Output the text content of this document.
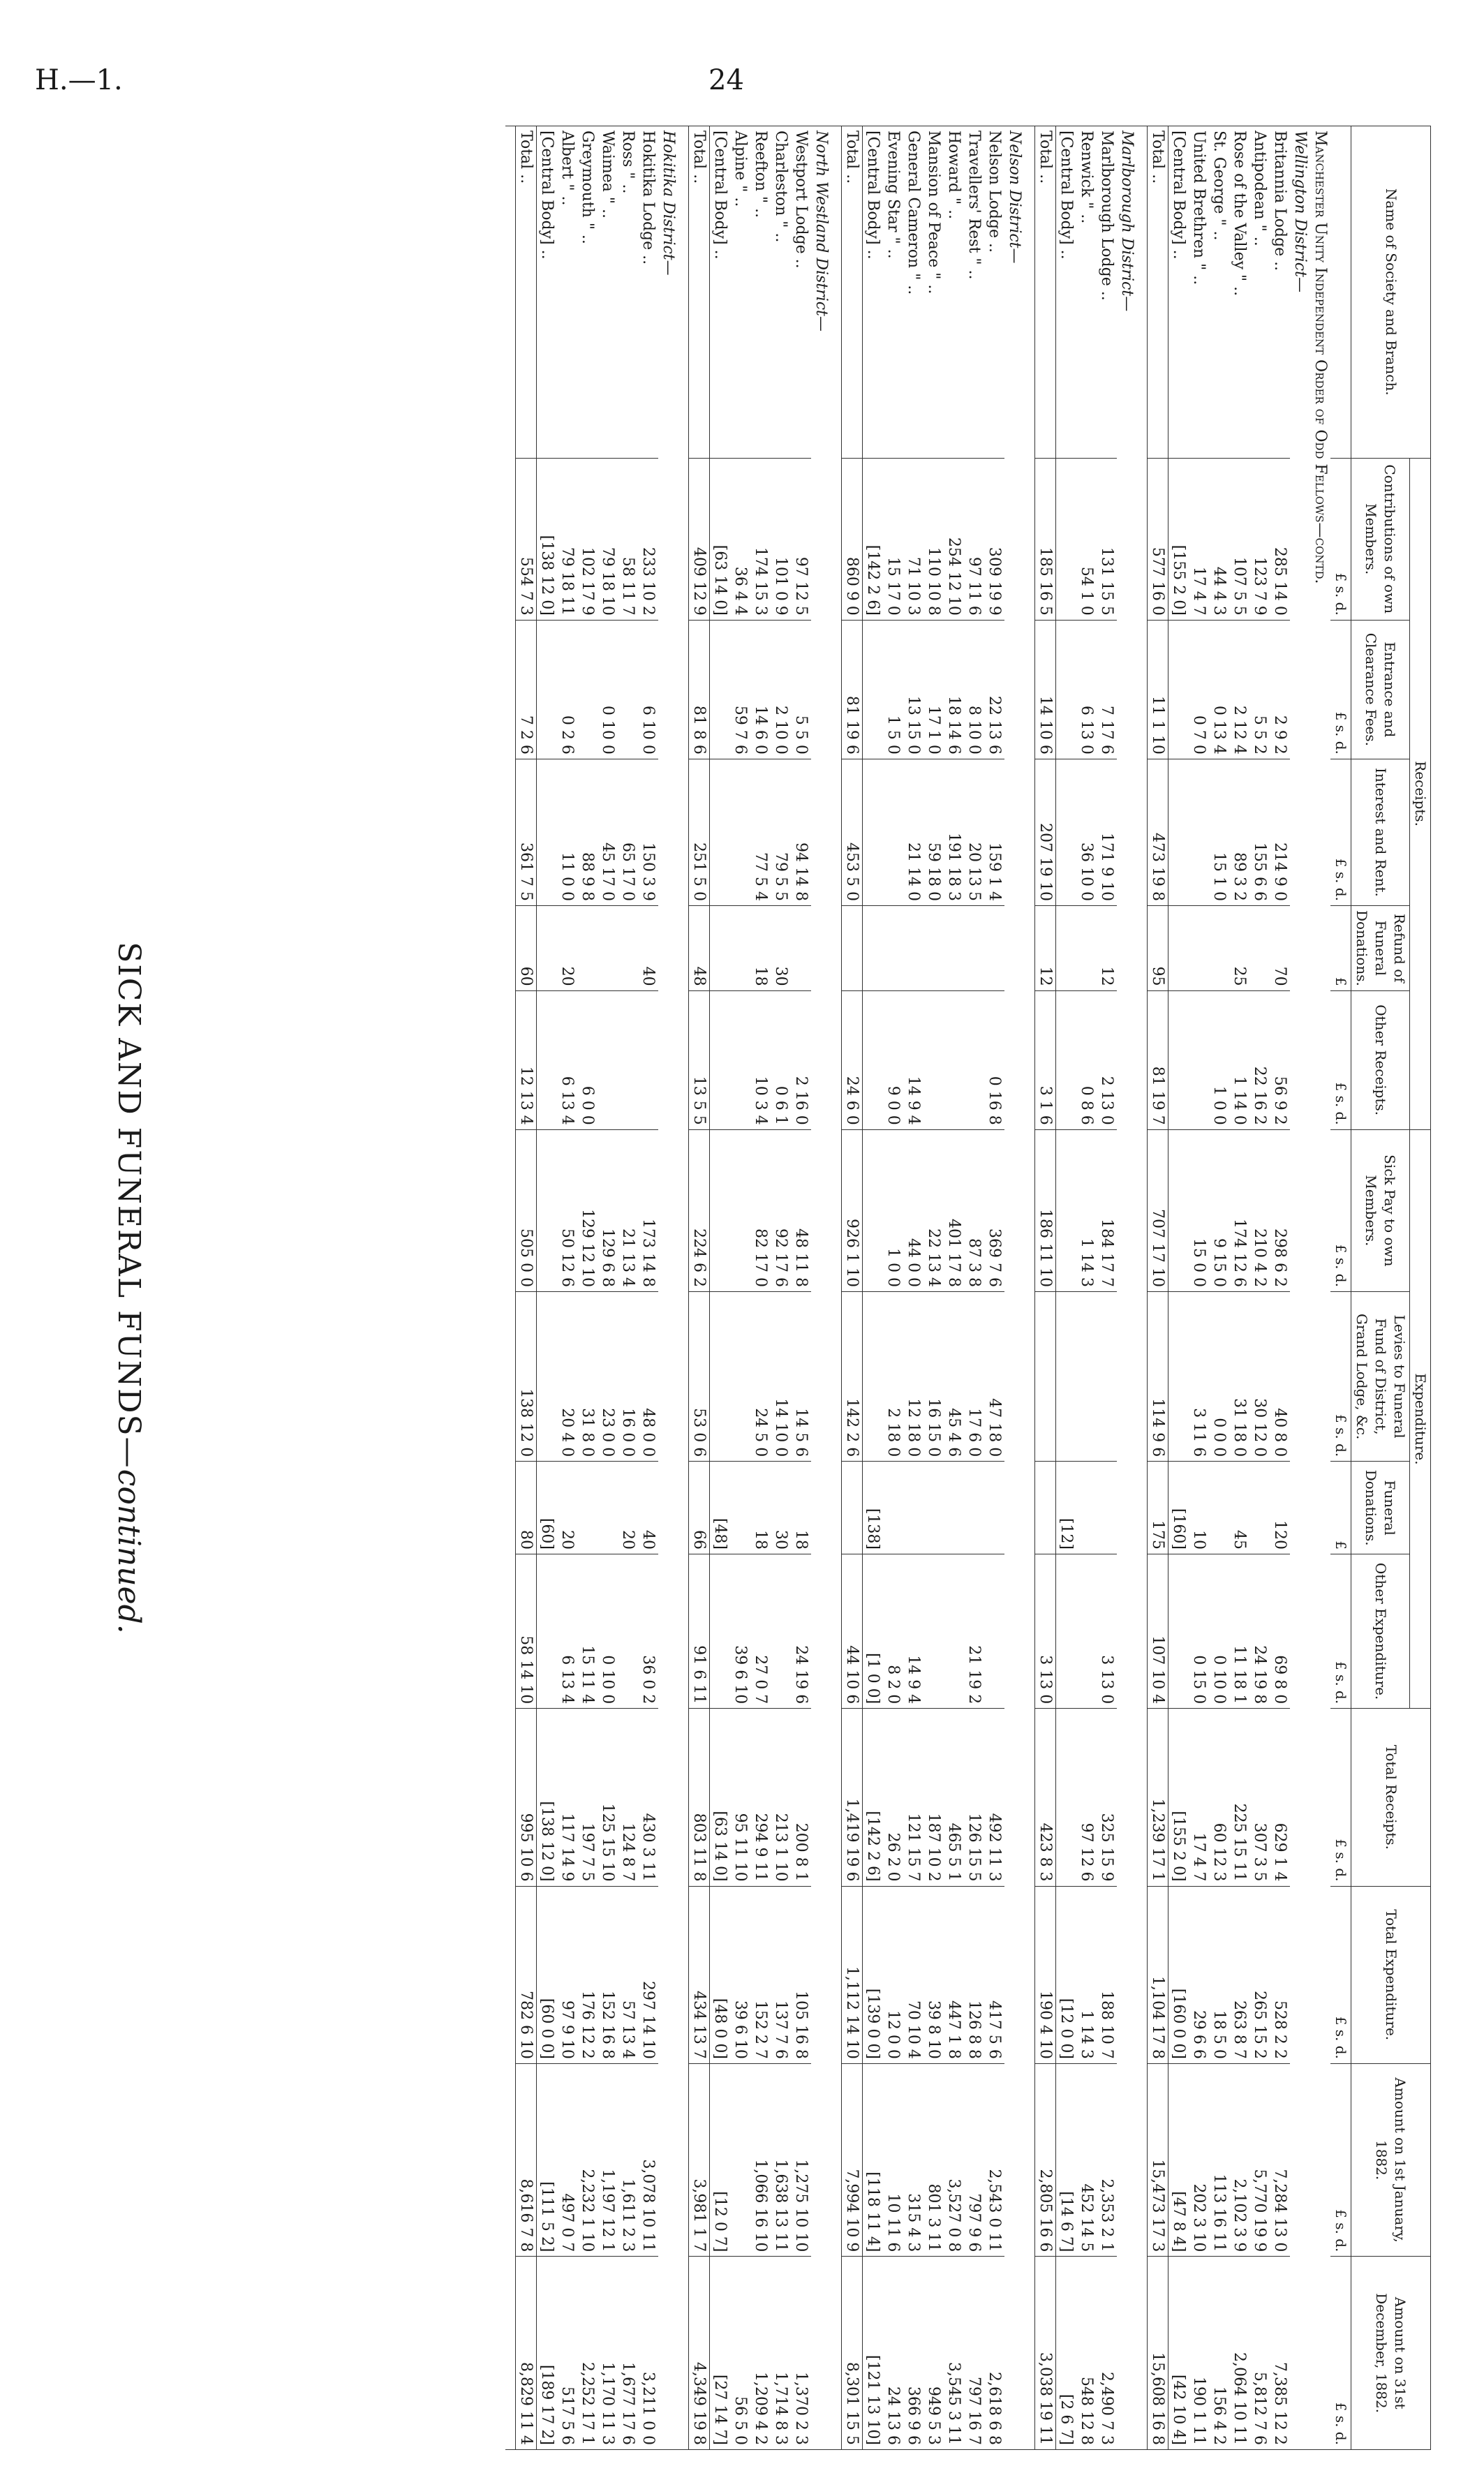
H.—1.	24
Name of Society and Branch.	Receipts.					Expenditure.				Total Receipts.	Total Expenditure.	Amount on 1st January, 1882.	Amount on 31st December, 1882.
	Contributions of own Members.	Entrance and Clearance Fees.	Interest and Rent.	Refund of Funeral Donations.	Other Receipts.	Sick Pay to own Members.	Levies to Funeral Fund of District, Grand Lodge, &c.	Funeral Donations.	Other Expenditure.				
	£ s. d.	£ s. d.	£ s. d.	£	£ s. d.	£ s. d.	£ s. d.	£	£ s. d.	£ s. d.	£ s. d.	£ s. d.	£ s. d.
Manchester Unity Independent Order of Odd Fellows—contd.													
Wellington District—													
Britannia Lodge ..	285 14 0	2 9 2	214 9 0	70	56 9 2	298 6 2	40 8 0	120	69 8 0	629 1 4	528 2 2	7,284 13 0	7,385 12 2
Antipodean " ..	123 7 9	5 5 2	155 6 6		22 16 2	210 4 2	30 12 0		24 19 8	307 3 5	265 15 2	5,770 19 9	5,812 7 6
Rose of the Valley " ..	107 5 5	2 12 4	89 3 2	25	1 14 0	174 12 6	31 18 0	45	11 18 1	225 15 11	263 8 7	2,102 3 9	2,064 10 11
St. George " ..	44 4 3	0 13 4	15 1 0		1 0 0	9 15 0	0 0 0		0 10 0	60 12 3	18 5 0	113 16 11	156 4 2
United Brethren " ..	17 4 7	0 7 0				15 0 0	3 11 6	10	0 15 0	17 4 7	29 6 6	202 3 10	190 1 11
[Central Body] ..	[155 2 0]							[160]		[155 2 0]	[160 0 0]	[47 8 4]	[42 10 4]
Total ..	577 16 0	11 1 10	473 19 8	95	81 19 7	707 17 10	114 9 6	175	107 10 4	1,239 17 1	1,104 17 8	15,473 17 3	15,608 16 8

Marlborough District—													
Marlborough Lodge ..	131 15 5	7 17 6	171 9 10	12	2 13 0	184 17 7			3 13 0	325 15 9	188 10 7	2,353 2 1	2,490 7 3
Renwick " ..	54 1 0	6 13 0	36 10 0		0 8 6	1 14 3				97 12 6	1 14 3	452 14 5	548 12 8
[Central Body] ..								[12]			[12 0 0]	[14 6 7]	[2 6 7]
Total ..	185 16 5	14 10 6	207 19 10	12	3 1 6	186 11 10			3 13 0	423 8 3	190 4 10	2,805 16 6	3,038 19 11

Nelson District—													
Nelson Lodge ..	309 19 9	22 13 6	159 1 4		0 16 8	369 7 6	47 18 0			492 11 3	417 5 6	2,543 0 11	2,618 6 8
Travellers' Rest " ..	97 11 6	8 10 0	20 13 5			87 3 8	17 6 0		21 19 2	126 15 5	126 8 8	797 9 6	797 16 7
Howard " ..	254 12 10	18 14 6	191 18 3			401 17 8	45 4 6			465 5 1	447 1 8	3,527 0 8	3,545 3 11
Mansion of Peace " ..	110 10 8	17 1 0	59 18 0			22 13 4	16 15 0			187 10 2	39 8 10	801 3 11	949 5 3
General Cameron " ..	71 10 3	13 15 0	21 14 0		14 9 4	44 0 0	12 18 0		14 9 4	121 15 7	70 10 4	315 4 3	366 9 6
Evening Star " ..	15 17 0	1 5 0			9 0 0	1 0 0	2 18 0		8 2 0	26 2 0	12 0 0	10 11 6	24 13 6
[Central Body] ..	[142 2 6]							[138]	[1 0 0]	[142 2 6]	[139 0 0]	[118 11 4]	[121 13 10]
Total ..	860 9 0	81 19 6	453 5 0		24 6 0	926 1 10	142 2 6		44 10 6	1,419 19 6	1,112 14 10	7,994 10 9	8,301 15 5

North Westland District—													
Westport Lodge ..	97 12 5	5 5 0	94 14 8		2 16 0	48 11 8	14 5 6	18	24 19 6	200 8 1	105 16 8	1,275 10 10	1,370 2 3
Charleston " ..	101 0 9	2 10 0	79 5 5	30	0 6 1	92 17 6	14 10 0	30		213 1 10	137 7 6	1,638 13 11	1,714 8 3
Reefton " ..	174 15 3	14 6 0	77 5 4	18	10 3 4	82 17 0	24 5 0	18	27 0 7	294 9 11	152 2 7	1,066 16 10	1,209 4 2
Alpine " ..	36 4 4	59 7 6							39 6 10	95 11 10	39 6 10		56 5 0
[Central Body] ..	[63 14 0]							[48]		[63 14 0]	[48 0 0]	[12 0 7]	[27 14 7]
Total ..	409 12 9	81 8 6	251 5 0	48	13 5 5	224 6 2	53 0 6	66	91 6 11	803 11 8	434 13 7	3,981 1 7	4,349 19 8

Hokitika District—													
Hokitika Lodge ..	233 10 2	6 10 0	150 3 9	40		173 14 8	48 0 0	40	36 0 2	430 3 11	297 14 10	3,078 10 11	3,211 0 0
Ross " ..	58 11 7		65 17 0			21 13 4	16 0 0	20		124 8 7	57 13 4	1,611 2 3	1,677 17 6
Waimea " ..	79 18 10	0 10 0	45 17 0			129 6 8	23 0 0		0 10 0	125 15 10	152 16 8	1,197 12 1	1,170 11 3
Greymouth " ..	102 17 9		88 9 8		6 0 0	129 12 10	31 8 0		15 11 4	197 7 5	176 12 2	2,232 1 10	2,252 17 1
Albert " ..	79 18 11	0 2 6	11 0 0	20	6 13 4	50 12 6	20 4 0	20	6 13 4	117 14 9	97 9 10	497 0 7	517 5 6
[Central Body] ..	[138 12 0]							[60]		[138 12 0]	[60 0 0]	[111 5 2]	[189 17 2]
Total ..	554 7 3	7 2 6	361 7 5	60	12 13 4	505 0 0	138 12 0	80	58 14 10	995 10 6	782 6 10	8,616 7 8	8,829 11 4

SICK AND FUNERAL FUNDS—continued.
